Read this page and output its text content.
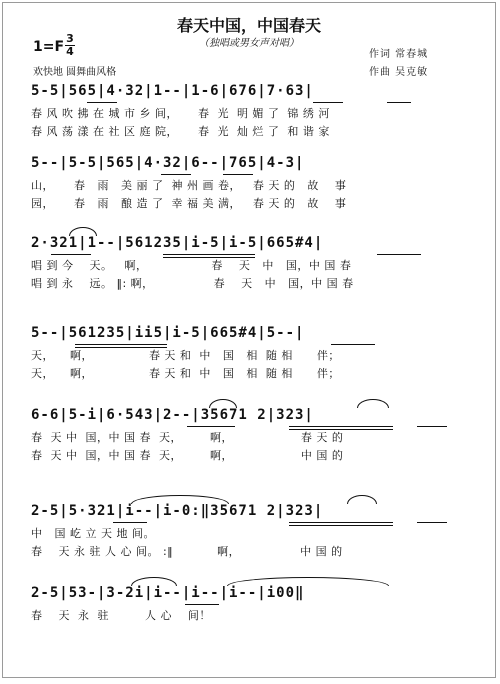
春天中国，中国春天
（独唱或男女声对唱）
1=F
3
4
欢快地 圆舞曲风格
作词 常春城
作曲 吴克敏
5-5|565|4·32|1--|1-6|676|7·63|
春 风 吹 拂 在 城 市 乡 间，     春  光  明 媚 了  锦 绣 河
春 风 荡 漾 在 社 区 庭 院，     春  光  灿 烂 了  和 谐 家
5--|5-5|565|4·32|6--|765|4-3|
山，     春   雨   美 丽 了  神 州 画 卷，   春 天 的   故    事
园，     春   雨   酿 造 了  幸 福 美 满，   春 天 的   故    事
2·321|1--|561235|i-5|i-5|665#4|
唱 到 今    天。   啊，                春    天   中   国，中 国 春
唱 到 永    远。 ‖: 啊，               春    天   中   国，中 国 春
5--|561235|ii5|i-5|665#4|5--|
天，    啊，              春 天 和  中   国   相  随 相      伴；
天，    啊，              春 天 和  中   国   相  随 相      伴；
6-6|5-i|6·543|2--|35671 2|323|
春  天 中  国，中 国 春  天，       啊，                 春 天 的
春  天 中  国，中 国 春  天，       啊，                 中 国 的
2-5|5·321|i--|i-0:‖35671 2|323|
中   国 屹 立 天 地 间。
春    天 永 驻 人 心 间。 :‖           啊，               中 国 的
2-5|53-|3-2i|i--|i--|i--|i00‖
春    天  永  驻         人 心    间！
